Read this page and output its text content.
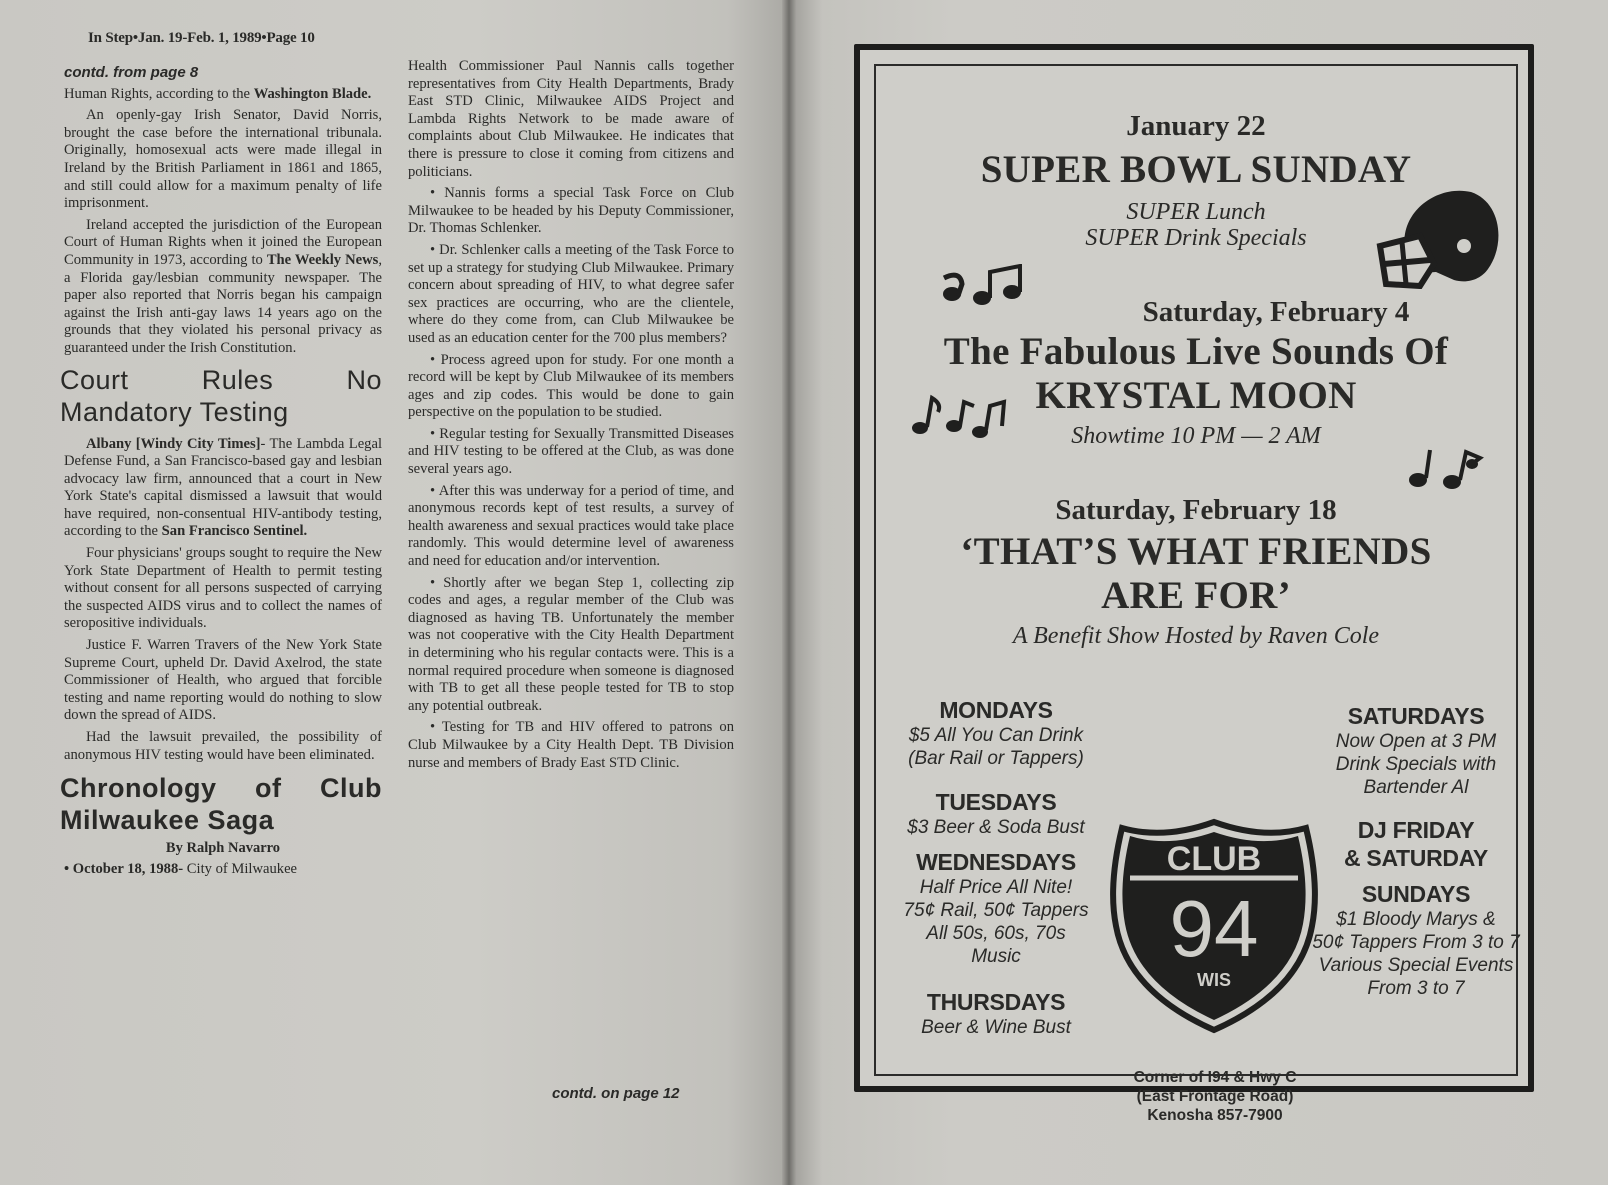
In Step•Jan. 19-Feb. 1, 1989•Page 10

contd. from page 8

Human Rights, according to the Washington Blade.

An openly-gay Irish Senator, David Norris, brought the case before the international tribunala. Originally, homosexual acts were made illegal in Ireland by the British Parliament in 1861 and 1865, and still could allow for a maximum penalty of life imprisonment.

Ireland accepted the jurisdiction of the European Court of Human Rights when it joined the European Community in 1973, according to The Weekly News, a Florida gay/lesbian community newspaper. The paper also reported that Norris began his campaign against the Irish anti-gay laws 14 years ago on the grounds that they violated his personal privacy as guaranteed under the Irish Constitution.

Court Rules No Mandatory Testing

Albany [Windy City Times]- The Lambda Legal Defense Fund, a San Francisco-based gay and lesbian advocacy law firm, announced that a court in New York State's capital dismissed a lawsuit that would have required, non-consentual HIV-antibody testing, according to the San Francisco Sentinel.

Four physicians' groups sought to require the New York State Department of Health to permit testing without consent for all persons suspected of carrying the suspected AIDS virus and to collect the names of seropositive individuals.

Justice F. Warren Travers of the New York State Supreme Court, upheld Dr. David Axelrod, the state Commissioner of Health, who argued that forcible testing and name reporting would do nothing to slow down the spread of AIDS.

Had the lawsuit prevailed, the possibility of anonymous HIV testing would have been eliminated.

Chronology of Club Milwaukee Saga
By Ralph Navarro

• October 18, 1988- City of Milwaukee

Health Commissioner Paul Nannis calls together representatives from City Health Departments, Brady East STD Clinic, Milwaukee AIDS Project and Lambda Rights Network to be made aware of complaints about Club Milwaukee. He indicates that there is pressure to close it coming from citizens and politicians.

• Nannis forms a special Task Force on Club Milwaukee to be headed by his Deputy Commissioner, Dr. Thomas Schlenker.

• Dr. Schlenker calls a meeting of the Task Force to set up a strategy for studying Club Milwaukee. Primary concern about spreading of HIV, to what degree safer sex practices are occurring, who are the clientele, where do they come from, can Club Milwaukee be used as an education center for the 700 plus members?

• Process agreed upon for study. For one month a record will be kept by Club Milwaukee of its members ages and zip codes. This would be done to gain perspective on the population to be studied.

• Regular testing for Sexually Transmitted Diseases and HIV testing to be offered at the Club, as was done several years ago.

• After this was underway for a period of time, and anonymous records kept of test results, a survey of health awareness and sexual practices would take place randomly. This would determine level of awareness and need for education and/or intervention.

• Shortly after we began Step 1, collecting zip codes and ages, a regular member of the Club was diagnosed as having TB. Unfortunately the member was not cooperative with the City Health Department in determining who his regular contacts were. This is a normal required procedure when someone is diagnosed with TB to get all these people tested for TB to stop any potential outbreak.

• Testing for TB and HIV offered to patrons on Club Milwaukee by a City Health Dept. TB Division nurse and members of Brady East STD Clinic.

contd. on page 12
January 22
SUPER BOWL SUNDAY
SUPER Lunch
SUPER Drink Specials
Saturday, February 4
The Fabulous Live Sounds Of
KRYSTAL MOON
Showtime 10 PM — 2 AM
Saturday, February 18
‘THAT’S WHAT FRIENDS
ARE FOR’
A Benefit Show Hosted by Raven Cole
MONDAYS
$5 All You Can Drink
(Bar Rail or Tappers)
TUESDAYS
$3 Beer & Soda Bust
WEDNESDAYS
Half Price All Nite!
75¢ Rail, 50¢ Tappers
All 50s, 60s, 70s
Music
THURSDAYS
Beer & Wine Bust
CLUB
94
WIS
Corner of I94 & Hwy C
(East Frontage Road)
Kenosha 857-7900
SATURDAYS
Now Open at 3 PM
Drink Specials with
Bartender Al
DJ FRIDAY
& SATURDAY
SUNDAYS
$1 Bloody Marys &
50¢ Tappers From 3 to 7
Various Special Events
From 3 to 7
